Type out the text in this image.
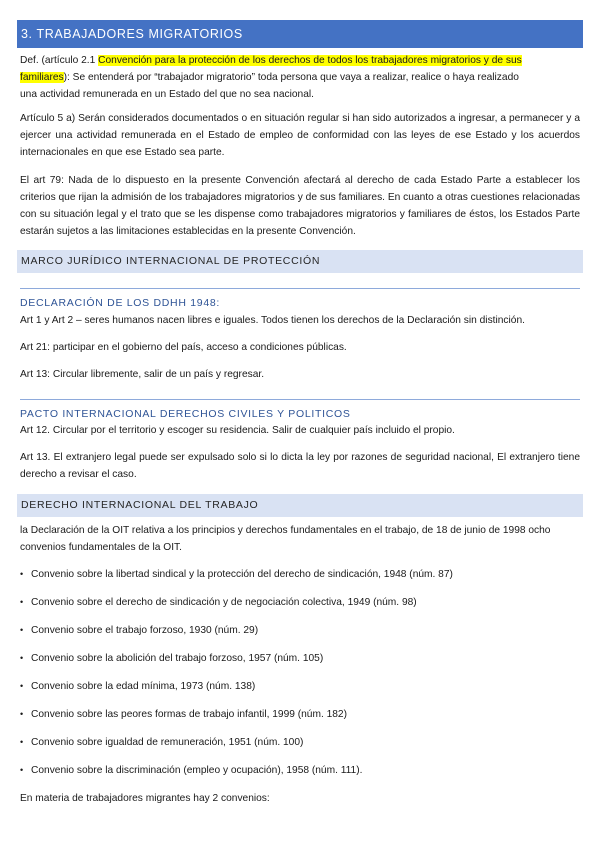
3. TRABAJADORES MIGRATORIOS
Def. (artículo 2.1 Convención para la protección de los derechos de todos los trabajadores migratorios y de sus
familiares): Se entenderá por “trabajador migratorio” toda persona que vaya a realizar, realice o haya realizado
una actividad remunerada en un Estado del que no sea nacional.
Artículo 5 a) Serán considerados documentados o en situación regular si han sido autorizados a ingresar, a permanecer y a ejercer una actividad remunerada en el Estado de empleo de conformidad con las leyes de ese Estado y los acuerdos internacionales en que ese Estado sea parte.
El art 79: Nada de lo dispuesto en la presente Convención afectará al derecho de cada Estado Parte a establecer los criterios que rijan la admisión de los trabajadores migratorios y de sus familiares. En cuanto a otras cuestiones relacionadas con su situación legal y el trato que se les dispense como trabajadores migratorios y familiares de éstos, los Estados Parte estarán sujetos a las limitaciones establecidas en la presente Convención.
MARCO JURÍDICO INTERNACIONAL DE PROTECCIÓN
DECLARACIÓN DE LOS DDHH 1948:
Art 1 y Art 2 – seres humanos nacen libres e iguales. Todos tienen los derechos de la Declaración sin distinción.
Art 21: participar en el gobierno del país, acceso a condiciones públicas.
Art 13: Circular libremente, salir de un país y regresar.
PACTO INTERNACIONAL DERECHOS CIVILES Y POLITICOS
Art 12. Circular por el territorio y escoger su residencia. Salir de cualquier país incluido el propio.
Art 13. El extranjero legal puede ser expulsado solo si lo dicta la ley por razones de seguridad nacional, El extranjero tiene derecho a revisar el caso.
DERECHO INTERNACIONAL DEL TRABAJO
la Declaración de la OIT relativa a los principios y derechos fundamentales en el trabajo, de 18 de junio de 1998 ocho convenios fundamentales de la OIT.
• Convenio sobre la libertad sindical y la protección del derecho de sindicación, 1948 (núm. 87)
• Convenio sobre el derecho de sindicación y de negociación colectiva, 1949 (núm. 98)
• Convenio sobre el trabajo forzoso, 1930 (núm. 29)
• Convenio sobre la abolición del trabajo forzoso, 1957 (núm. 105)
• Convenio sobre la edad mínima, 1973 (núm. 138)
• Convenio sobre las peores formas de trabajo infantil, 1999 (núm. 182)
• Convenio sobre igualdad de remuneración, 1951 (núm. 100)
• Convenio sobre la discriminación (empleo y ocupación), 1958 (núm. 111).
En materia de trabajadores migrantes hay 2 convenios:
